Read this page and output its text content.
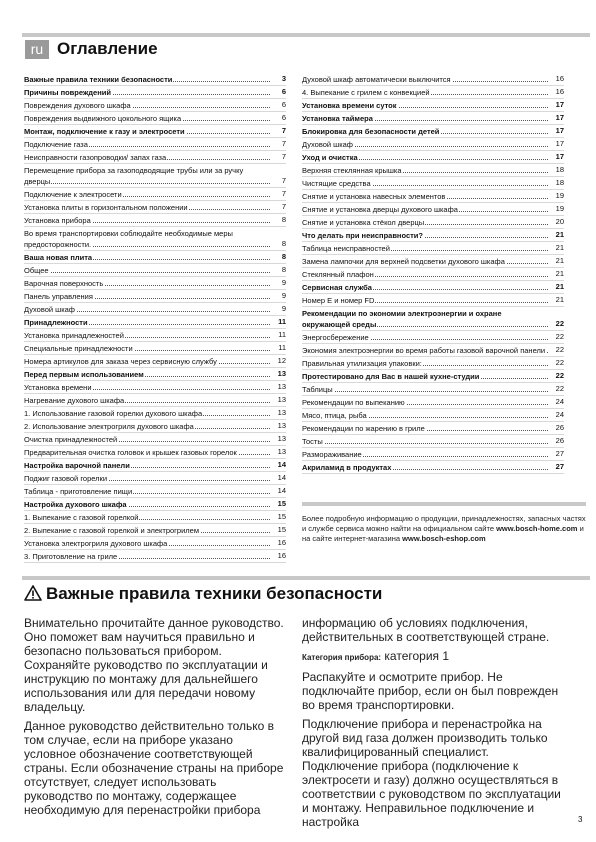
ru Оглавление
Важные правила техники безопасности	3
Причины повреждений	6
Повреждения духового шкафа	6
Повреждения выдвижного цокольного ящика	6
Монтаж, подключение к газу и электросети	7
Подключение газа	7
Неисправности газопроводки/ запах газа	7
Перемещение прибора за газоподводящие трубы или за ручку дверцы	7
Подключение к электросети	7
Установка плиты в горизонтальном положении	7
Установка прибора	8
Во время транспортировки соблюдайте необходимые меры предосторожности.	8
Ваша новая плита	8
Общее	8
Варочная поверхность	9
Панель управления	9
Духовой шкаф	9
Принадлежности	11
Установка принадлежностей	11
Специальные принадлежности	11
Номера артикулов для заказа через сервисную службу	12
Перед первым использованием	13
Установка времени	13
Нагревание духового шкафа	13
1. Использование газовой горелки духового шкафа	13
2. Использование электрогриля духового шкафа	13
Очистка принадлежностей	13
Предварительная очистка головок и крышек газовых горелок	13
Настройка варочной панели	14
Поджиг газовой горелки	14
Таблица - приготовление пищи	14
Настройка духового шкафа	15
1. Выпекание с газовой горелкой	15
2. Выпекание с газовой горелкой и электрогрилем	15
Установка электрогриля духового шкафа	16
3. Приготовление на гриле	16
Духовой шкаф автоматически выключится	16
4. Выпекание с грилем с конвекцией	16
Установка времени суток	17
Установка таймера	17
Блокировка для безопасности детей	17
Духовой шкаф	17
Уход и очистка	17
Верхняя стеклянная крышка	18
Чистящие средства	18
Снятие и установка навесных элементов	19
Снятие и установка дверцы духового шкафа	19
Снятие и установка стёкол дверцы	20
Что делать при неисправности?	21
Таблица неисправностей	21
Замена лампочки для верхней подсветки духового шкафа	21
Стеклянный плафон	21
Сервисная служба	21
Номер E и номер FD	21
Рекомендации по экономии электроэнергии и охране окружающей среды	22
Энергосбережение	22
Экономия электроэнергии во время работы газовой варочной панели 22
Правильная утилизация упаковки:	22
Протестировано для Вас в нашей кухне-студии	22
Таблицы	22
Рекомендации по выпеканию	24
Мясо, птица, рыба	24
Рекомендации по жарению в гриле	26
Тосты	26
Размораживание	27
Акриламид в продуктах	27
Более подробную информацию о продукции, принадлежностях, запасных частях и службе сервиса можно найти на официальном сайте www.bosch-home.com и на сайте интернет-магазина www.bosch-eshop.com
Важные правила техники безопасности

Внимательно прочитайте данное руководство. Оно поможет вам научиться правильно и безопасно пользоваться прибором. Сохраняйте руководство по эксплуатации и инструкцию по монтажу для дальнейшего использования или для передачи новому владельцу.

Данное руководство действительно только в том случае, если на приборе указано условное обозначение соответствующей страны. Если обозначение страны на приборе отсутствует, следует использовать руководство по монтажу, содержащее необходимую для перенастройки прибора

информацию об условиях подключения, действительных в соответствующей стране.

Категория прибора: категория 1

Распакуйте и осмотрите прибор. Не подключайте прибор, если он был поврежден во время транспортировки.

Подключение прибора и перенастройка на другой вид газа должен производить только квалифицированный специалист. Подключение прибора (подключение к электросети и газу) должно осуществляться в соответствии с руководством по эксплуатации и монтажу. Неправильное подключение и настройка	3
